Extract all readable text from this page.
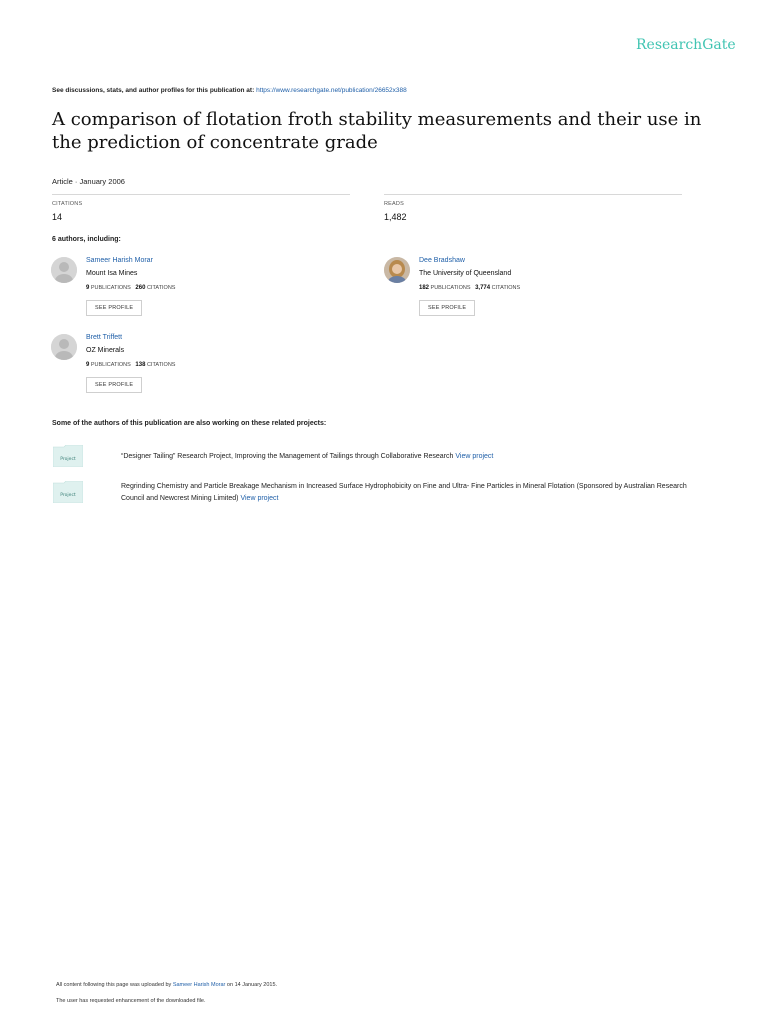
ResearchGate
See discussions, stats, and author profiles for this publication at: https://www.researchgate.net/publication/26652x388
A comparison of flotation froth stability measurements and their use in the prediction of concentrate grade
Article · January 2006
CITATIONS
14
READS
1,482
6 authors, including:
Sameer Harish Morar
Mount Isa Mines
9 PUBLICATIONS 260 CITATIONS
SEE PROFILE
Dee Bradshaw
The University of Queensland
182 PUBLICATIONS 3,774 CITATIONS
SEE PROFILE
Brett Triffett
OZ Minerals
9 PUBLICATIONS 138 CITATIONS
SEE PROFILE
Some of the authors of this publication are also working on these related projects:
Project	“Designer Tailing” Research Project, Improving the Management of Tailings through Collaborative Research View project
Project
Regrinding Chemistry and Particle Breakage Mechanism in Increased Surface Hydrophobicity on Fine and Ultra- Fine Particles in Mineral Flotation (Sponsored by Australian Research Council and Newcrest Mining Limited) View project
All content following this page was uploaded by Sameer Harish Morar on 14 January 2015.
The user has requested enhancement of the downloaded file.
